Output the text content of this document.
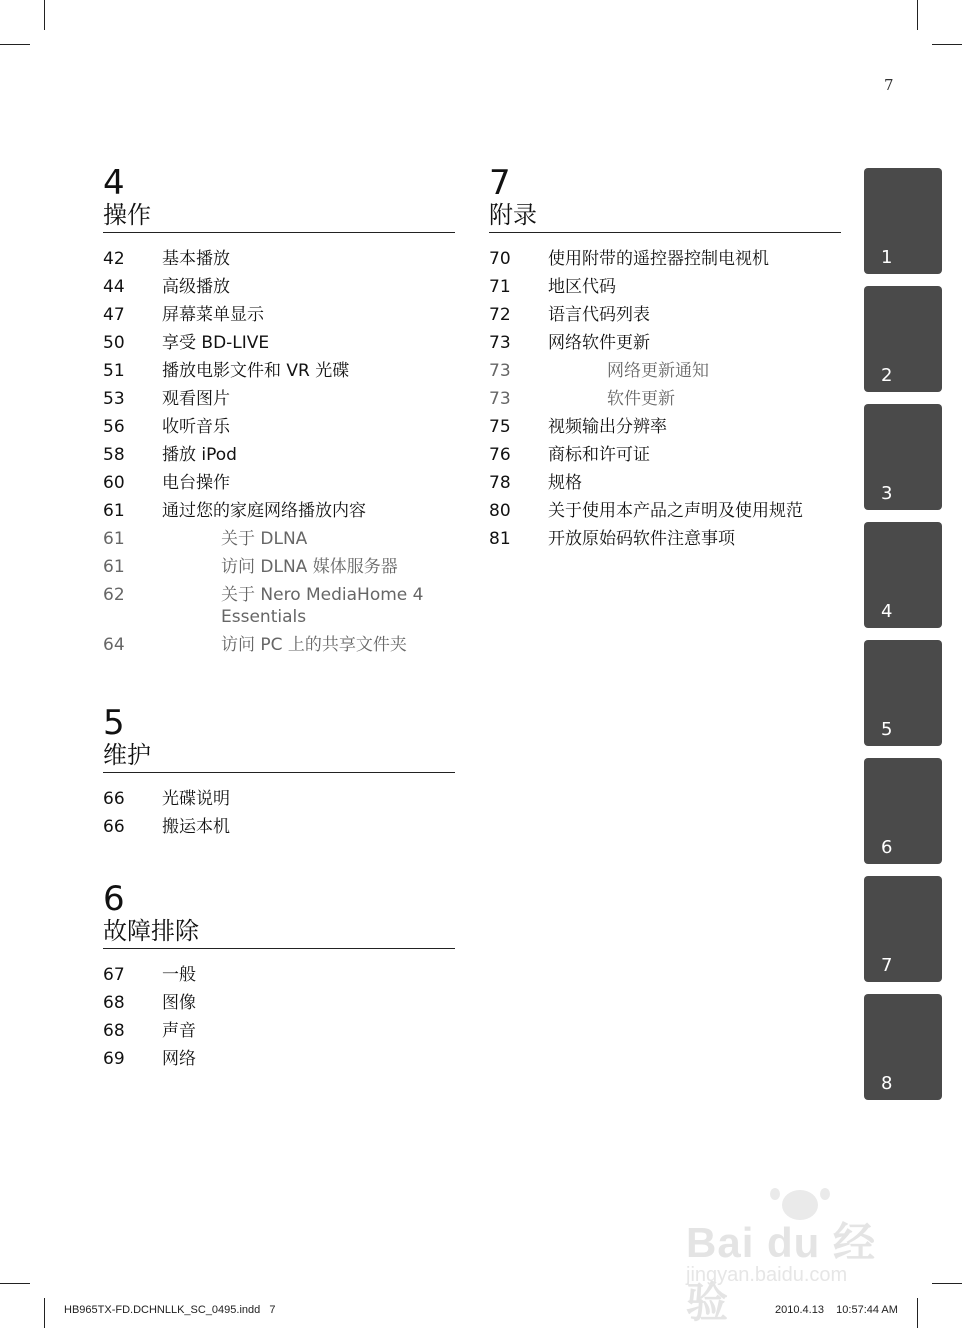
7
4
操作
42	基本播放
44	高级播放
47	屏幕菜单显示
50	享受 BD-LIVE
51	播放电影文件和 VR 光碟
53	观看图片
56	收听音乐
58	播放 iPod
60	电台操作
61	通过您的家庭网络播放内容
61	关于 DLNA
61	访问 DLNA 媒体服务器
62	关于 Nero MediaHome 4 Essentials
64	访问 PC 上的共享文件夹
5
维护
66	光碟说明
66	搬运本机
6
故障排除
67	一般
68	图像
68	声音
69	网络
7
附录
70	使用附带的遥控器控制电视机
71	地区代码
72	语言代码列表
73	网络软件更新
73	网络更新通知
73	软件更新
75	视频输出分辨率
76	商标和许可证
78	规格
80	关于使用本产品之声明及使用规范
81	开放原始码软件注意事项
1
2
3
4
5
6
7
8
Bai du 经验
jingyan.baidu.com
HB965TX-FD.DCHNLLK_SC_0495.indd   7	2010.4.13    10:57:44 AM
